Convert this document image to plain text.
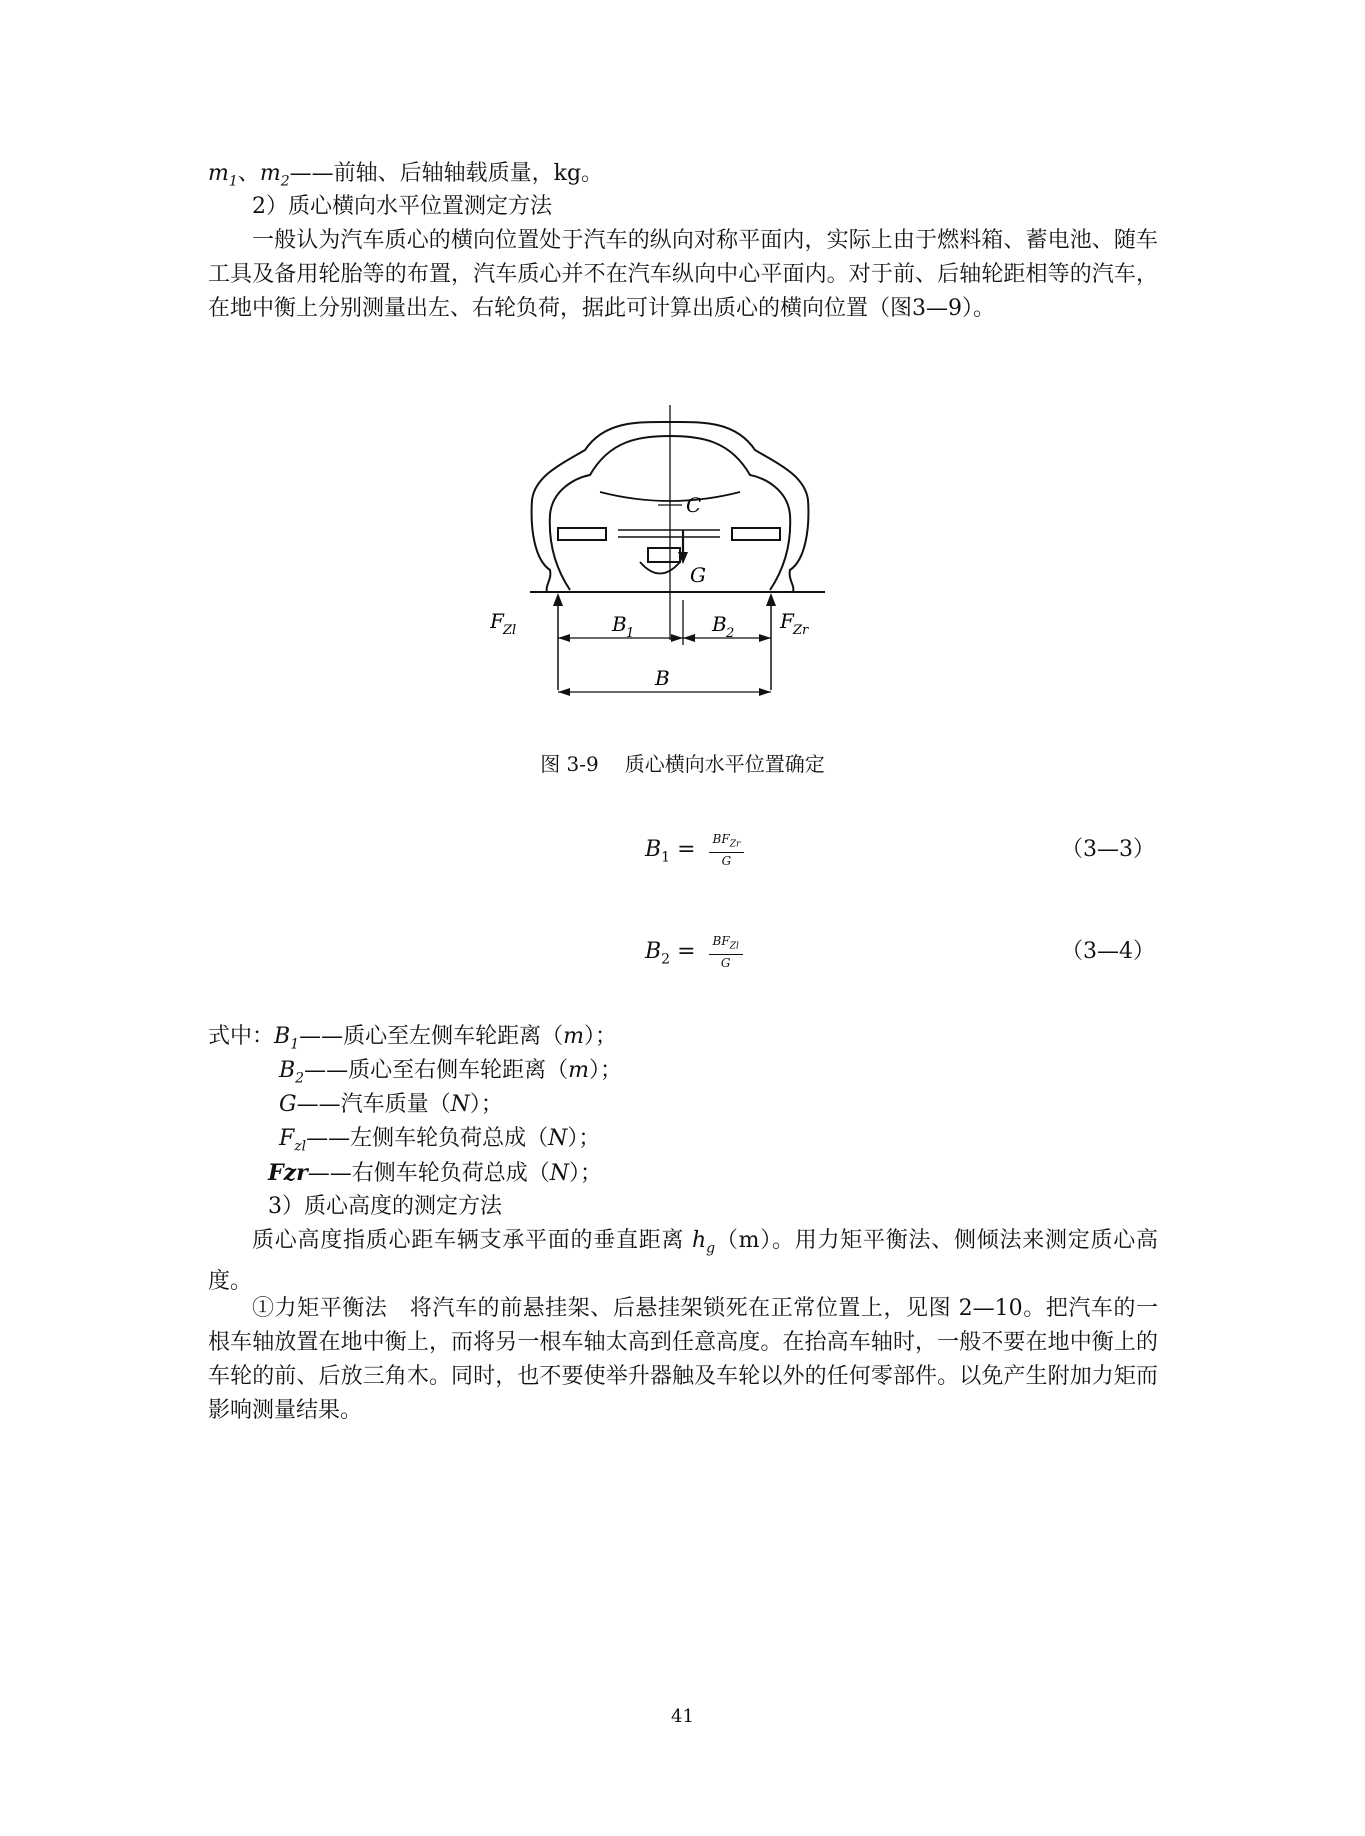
$m_1$、$m_2——$前轴、后轴轴载质量，kg。
2）质心横向水平位置测定方法
一般认为汽车质心的横向位置处于汽车的纵向对称平面内，实际上由于燃料箱、蓄电池、随车工具及备用轮胎等的布置，汽车质心并不在汽车纵向中心平面内。对于前、后轴轮距相等的汽车，在地中衡上分别测量出左、右轮负荷，据此可计算出质心的横向位置（图3—9）。
C
G
F Zl	F Zr
B 1	B 2
B
图 3-9 质心横向水平位置确定
$B_1 = \frac{BF_{Zr}}{G}$	（3—3）
$B_2 = \frac{BF_{Zl}}{G}$	（3—4）
式中：$B_1——$质心至左侧车轮距离（m）；
$B_2——$质心至右侧车轮距离（m）；
G——汽车质量（N）；
$F_{zl}——$左侧车轮负荷总成（N）；
Fzr——右侧车轮负荷总成（N）；
3）质心高度的测定方法
质心高度指质心距车辆支承平面的垂直距离 $h_g(m)$。用力矩平衡法、侧倾法来测定质心高度。
①力矩平衡法　将汽车的前悬挂架、后悬挂架锁死在正常位置上，见图 2—10。把汽车的一根车轴放置在地中衡上，而将另一根车轴太高到任意高度。在抬高车轴时，一般不要在地中衡上的车轮的前、后放三角木。同时，也不要使举升器触及车轮以外的任何零部件。以免产生附加力矩而影响测量结果。
41
